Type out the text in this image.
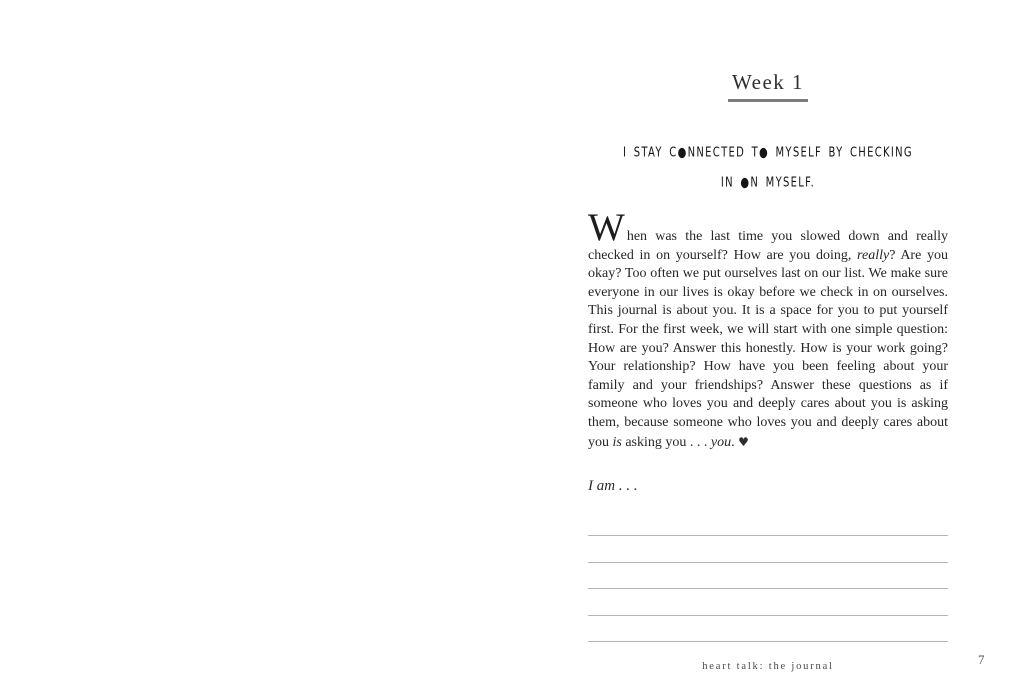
Week 1
I STAY C●NNECTED T● MYSELF BY CHECKING
IN ●N MYSELF.

When was the last time you slowed down and really checked in on yourself? How are you doing, really? Are you okay? Too often we put ourselves last on our list. We make sure everyone in our lives is okay before we check in on ourselves. This journal is about you. It is a space for you to put yourself first. For the first week, we will start with one simple question: How are you? Answer this honestly. How is your work going? Your relationship? How have you been feeling about your family and your friendships? Answer these questions as if someone who loves you and deeply cares about you is asking them, because someone who loves you and deeply cares about you is asking you . . . you. ♥

I am . . .

heart talk: the journal	7
